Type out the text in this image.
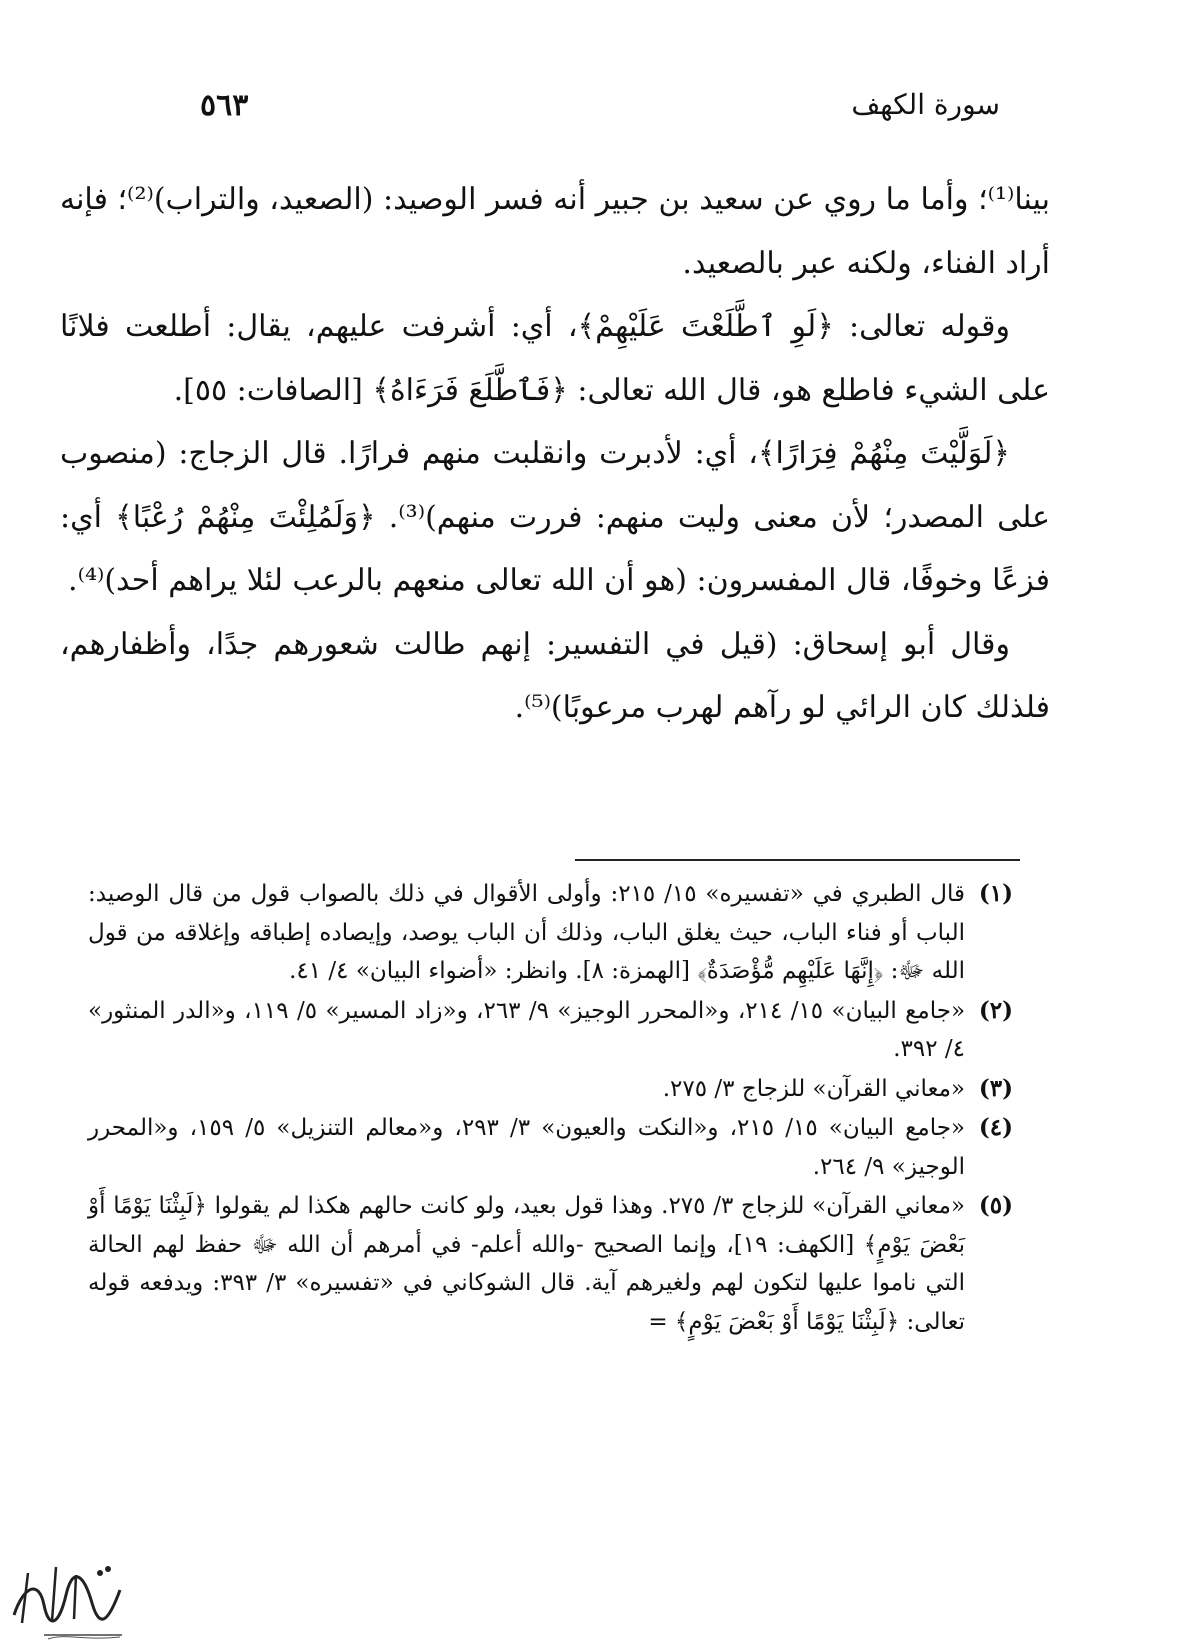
سورة الكهف
٥٦٣

بينا⁽¹⁾؛ وأما ما روي عن سعيد بن جبير أنه فسر الوصيد: (الصعيد، والتراب)⁽²⁾؛ فإنه أراد الفناء، ولكنه عبر بالصعيد.

وقوله تعالى: ﴿لَوِ ٱطَّلَعْتَ عَلَيْهِمْ﴾، أي: أشرفت عليهم، يقال: أطلعت فلانًا على الشيء فاطلع هو، قال الله تعالى: ﴿فَٱطَّلَعَ فَرَءَاهُ﴾ [الصافات: ٥٥].

﴿لَوَلَّيْتَ مِنْهُمْ فِرَارًا﴾، أي: لأدبرت وانقلبت منهم فرارًا. قال الزجاج: (منصوب على المصدر؛ لأن معنى وليت منهم: فررت منهم)⁽³⁾. ﴿وَلَمُلِئْتَ مِنْهُمْ رُعْبًا﴾ أي: فزعًا وخوفًا، قال المفسرون: (هو أن الله تعالى منعهم بالرعب لئلا يراهم أحد)⁽⁴⁾.

وقال أبو إسحاق: (قيل في التفسير: إنهم طالت شعورهم جدًا، وأظفارهم، فلذلك كان الرائي لو رآهم لهرب مرعوبًا)⁽⁵⁾.

(١)
قال الطبري في «تفسيره» ١٥/ ٢١٥: وأولى الأقوال في ذلك بالصواب قول من قال الوصيد: الباب أو فناء الباب، حيث يغلق الباب، وذلك أن الباب يوصد، وإيصاده إطباقه وإغلاقه من قول الله ﷻ: ﴿إِنَّهَا عَلَيْهِم مُّؤْصَدَةٌ﴾ [الهمزة: ٨]. وانظر: «أضواء البيان» ٤/ ٤١.
(٢)
«جامع البيان» ١٥/ ٢١٤، و«المحرر الوجيز» ٩/ ٢٦٣، و«زاد المسير» ٥/ ١١٩، و«الدر المنثور» ٤/ ٣٩٢.
(٣)
«معاني القرآن» للزجاج ٣/ ٢٧٥.
(٤)
«جامع البيان» ١٥/ ٢١٥، و«النكت والعيون» ٣/ ٢٩٣، و«معالم التنزيل» ٥/ ١٥٩، و«المحرر الوجيز» ٩/ ٢٦٤.
(٥)
«معاني القرآن» للزجاج ٣/ ٢٧٥. وهذا قول بعيد، ولو كانت حالهم هكذا لم يقولوا ﴿لَبِثْنَا يَوْمًا أَوْ بَعْضَ يَوْمٍ﴾ [الكهف: ١٩]، وإنما الصحيح -والله أعلم- في أمرهم أن الله ﷻ حفظ لهم الحالة التي ناموا عليها لتكون لهم ولغيرهم آية. قال الشوكاني في «تفسيره» ٣/ ٣٩٣: ويدفعه قوله تعالى: ﴿لَبِثْنَا يَوْمًا أَوْ بَعْضَ يَوْمٍ﴾ =
